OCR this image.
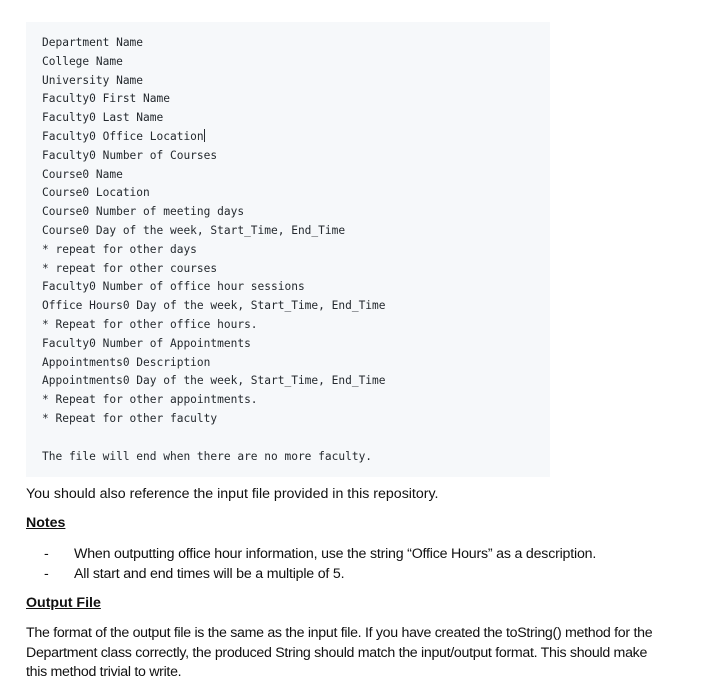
Department Name
College Name
University Name
Faculty0 First Name
Faculty0 Last Name
Faculty0 Office Location
Faculty0 Number of Courses
Course0 Name
Course0 Location
Course0 Number of meeting days
Course0 Day of the week, Start_Time, End_Time
* repeat for other days
* repeat for other courses
Faculty0 Number of office hour sessions
Office Hours0 Day of the week, Start_Time, End_Time
* Repeat for other office hours.
Faculty0 Number of Appointments
Appointments0 Description
Appointments0 Day of the week, Start_Time, End_Time
* Repeat for other appointments.
* Repeat for other faculty
The file will end when there are no more faculty.
You should also reference the input file provided in this repository.
Notes
-	When outputting office hour information, use the string “Office Hours” as a description.
-	All start and end times will be a multiple of 5.
Output File
The format of the output file is the same as the input file. If you have created the toString() method for the Department class correctly, the produced String should match the input/output format. This should make this method trivial to write.
